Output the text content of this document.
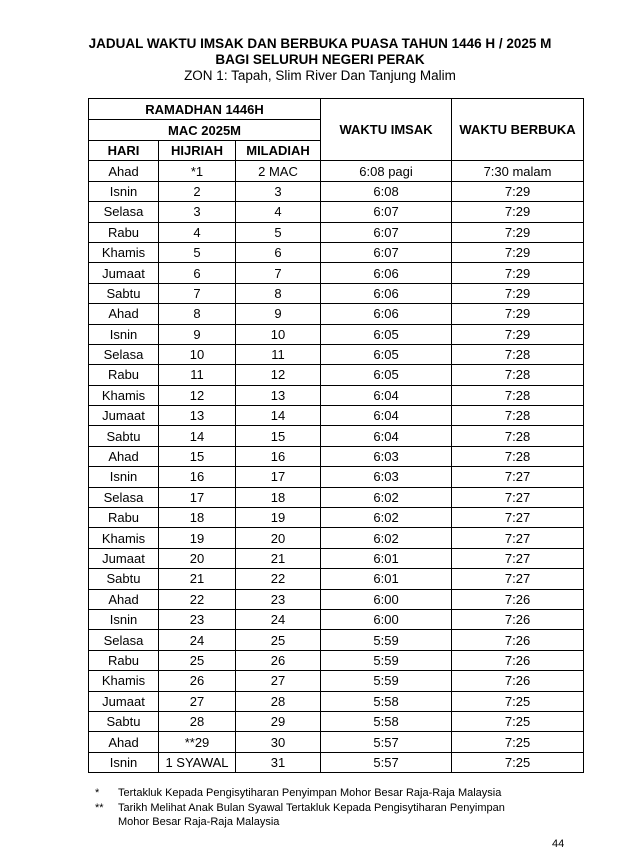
JADUAL WAKTU IMSAK DAN BERBUKA PUASA TAHUN 1446 H / 2025 M
BAGI SELURUH NEGERI PERAK
ZON 1: Tapah, Slim River Dan Tanjung Malim
RAMADHAN 1446H			WAKTU IMSAK	WAKTU BERBUKA
MAC 2025M				
HARI	HIJRIAH	MILADIAH		
Ahad	*1	2 MAC	6:08 pagi	7:30 malam
Isnin	2	3	6:08	7:29
Selasa	3	4	6:07	7:29
Rabu	4	5	6:07	7:29
Khamis	5	6	6:07	7:29
Jumaat	6	7	6:06	7:29
Sabtu	7	8	6:06	7:29
Ahad	8	9	6:06	7:29
Isnin	9	10	6:05	7:29
Selasa	10	11	6:05	7:28
Rabu	11	12	6:05	7:28
Khamis	12	13	6:04	7:28
Jumaat	13	14	6:04	7:28
Sabtu	14	15	6:04	7:28
Ahad	15	16	6:03	7:28
Isnin	16	17	6:03	7:27
Selasa	17	18	6:02	7:27
Rabu	18	19	6:02	7:27
Khamis	19	20	6:02	7:27
Jumaat	20	21	6:01	7:27
Sabtu	21	22	6:01	7:27
Ahad	22	23	6:00	7:26
Isnin	23	24	6:00	7:26
Selasa	24	25	5:59	7:26
Rabu	25	26	5:59	7:26
Khamis	26	27	5:59	7:26
Jumaat	27	28	5:58	7:25
Sabtu	28	29	5:58	7:25
Ahad	**29	30	5:57	7:25
Isnin	1 SYAWAL	31	5:57	7:25
*	Tertakluk Kepada Pengisytiharan Penyimpan Mohor Besar Raja-Raja Malaysia
**	Tarikh Melihat Anak Bulan Syawal Tertakluk Kepada Pengisytiharan Penyimpan Mohor Besar Raja-Raja Malaysia
44
